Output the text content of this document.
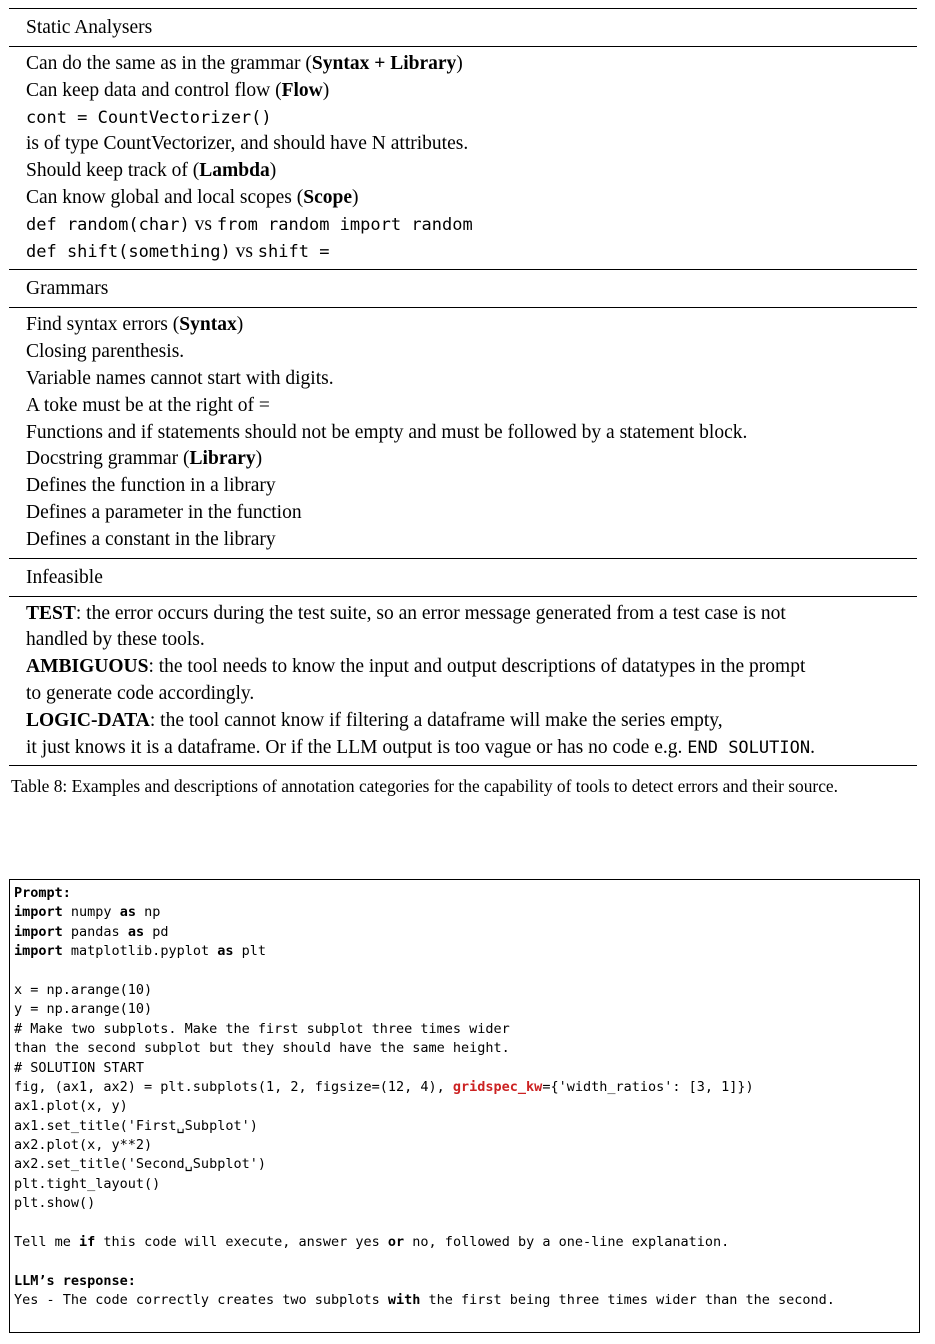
Static Analysers
Can do the same as in the grammar (Syntax + Library)
Can keep data and control flow (Flow)
cont = CountVectorizer()
is of type CountVectorizer, and should have N attributes.
Should keep track of (Lambda)
Can know global and local scopes (Scope)
def random(char) vs from random import random
def shift(something) vs shift =
Grammars
Find syntax errors (Syntax)
Closing parenthesis.
Variable names cannot start with digits.
A toke must be at the right of =
Functions and if statements should not be empty and must be followed by a statement block.
Docstring grammar (Library)
Defines the function in a library
Defines a parameter in the function
Defines a constant in the library
Infeasible
TEST: the error occurs during the test suite, so an error message generated from a test case is not
handled by these tools.
AMBIGUOUS: the tool needs to know the input and output descriptions of datatypes in the prompt
to generate code accordingly.
LOGIC-DATA: the tool cannot know if filtering a dataframe will make the series empty,
it just knows it is a dataframe. Or if the LLM output is too vague or has no code e.g. END SOLUTION.
Table 8: Examples and descriptions of annotation categories for the capability of tools to detect errors and their source.
Prompt:
import numpy as np
import pandas as pd
import matplotlib.pyplot as plt
x = np.arange(10)
y = np.arange(10)
# Make two subplots. Make the first subplot three times wider
than the second subplot but they should have the same height.
# SOLUTION START
fig, (ax1, ax2) = plt.subplots(1, 2, figsize=(12, 4), gridspec_kw={'width_ratios': [3, 1]})
ax1.plot(x, y)
ax1.set_title('First␣Subplot')
ax2.plot(x, y**2)
ax2.set_title('Second␣Subplot')
plt.tight_layout()
plt.show()
Tell me if this code will execute, answer yes or no, followed by a one-line explanation.
LLM’s response:
Yes - The code correctly creates two subplots with the first being three times wider than the second.
